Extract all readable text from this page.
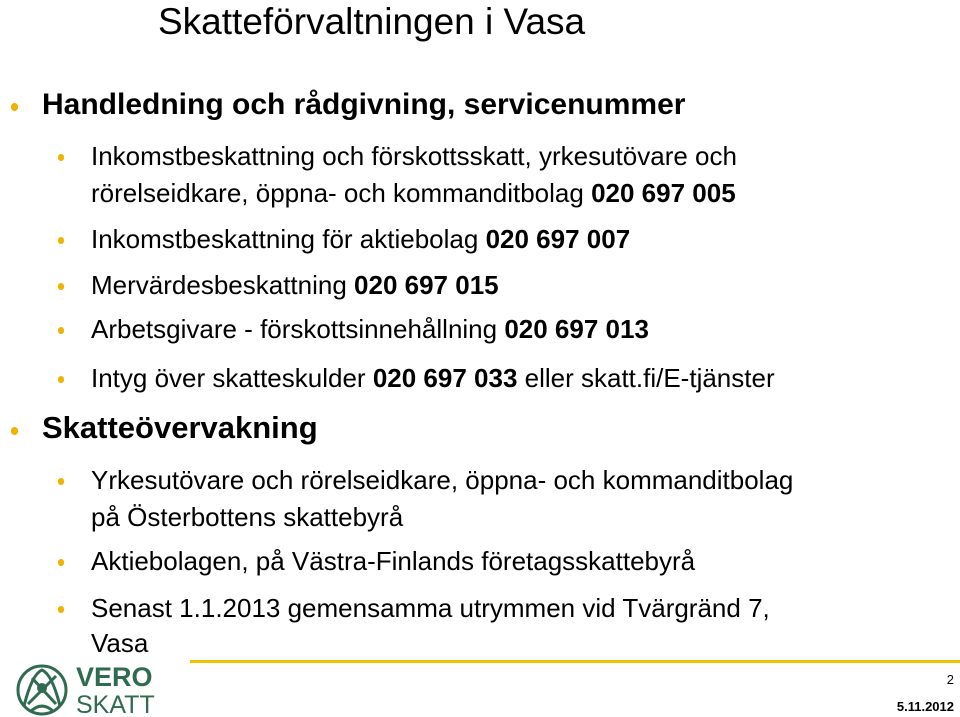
Skatteförvaltningen i Vasa
Handledning och rådgivning, servicenummer
Inkomstbeskattning och förskottsskatt, yrkesutövare och
rörelseidkare, öppna- och kommanditbolag 020 697 005
Inkomstbeskattning för aktiebolag 020 697 007
Mervärdesbeskattning 020 697 015
Arbetsgivare - förskottsinnehållning 020 697 013
Intyg över skatteskulder 020 697 033 eller skatt.fi/E-tjänster
Skatteövervakning
Yrkesutövare och rörelseidkare, öppna- och kommanditbolag
på Österbottens skattebyrå
Aktiebolagen, på Västra-Finlands företagsskattebyrå
Senast 1.1.2013 gemensamma utrymmen vid Tvärgränd 7,
Vasa
2
5.11.2012
VERO
SKATT
